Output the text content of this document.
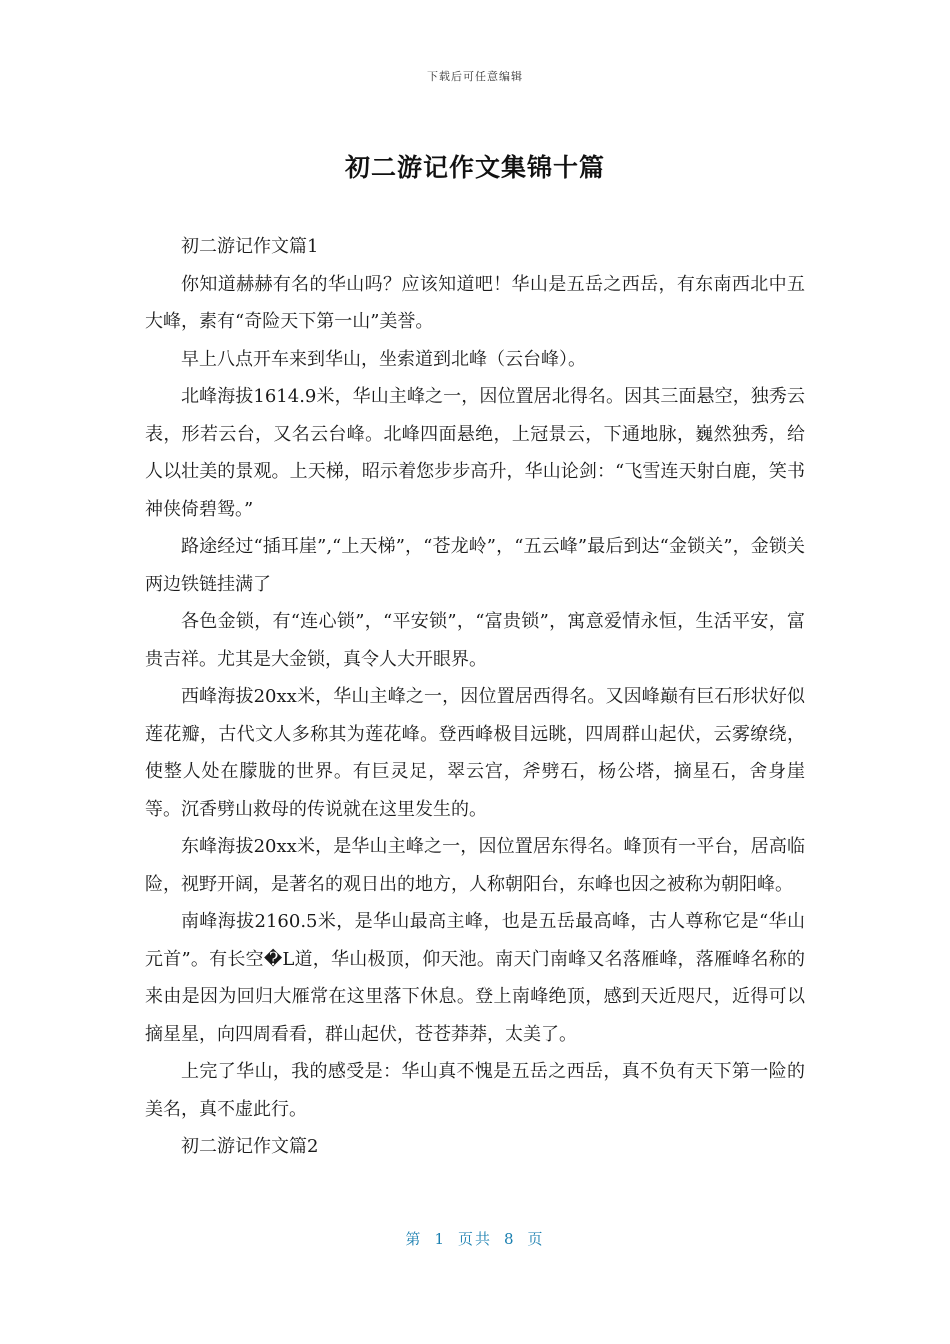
下载后可任意编辑
初二游记作文集锦十篇

初二游记作文篇1

你知道赫赫有名的华山吗？应该知道吧！华山是五岳之西岳，有东南西北中五大峰，素有“奇险天下第一山”美誉。

早上八点开车来到华山，坐索道到北峰（云台峰）。

北峰海拔1614.9米，华山主峰之一，因位置居北得名。因其三面悬空，独秀云表，形若云台，又名云台峰。北峰四面悬绝，上冠景云，下通地脉，巍然独秀，给人以壮美的景观。上天梯，昭示着您步步高升，华山论剑：“飞雪连天射白鹿，笑书神侠倚碧鸳。”

路途经过“插耳崖”,“上天梯”，“苍龙岭”，“五云峰”最后到达“金锁关”，金锁关两边铁链挂满了

各色金锁，有“连心锁”，“平安锁”，“富贵锁”，寓意爱情永恒，生活平安，富贵吉祥。尤其是大金锁，真令人大开眼界。

西峰海拔20xx米，华山主峰之一，因位置居西得名。又因峰巅有巨石形状好似莲花瓣，古代文人多称其为莲花峰。登西峰极目远眺，四周群山起伏，云雾缭绕，使整人处在朦胧的世界。有巨灵足，翠云宫，斧劈石，杨公塔，摘星石，舍身崖等。沉香劈山救母的传说就在这里发生的。

东峰海拔20xx米，是华山主峰之一，因位置居东得名。峰顶有一平台，居高临险，视野开阔，是著名的观日出的地方，人称朝阳台，东峰也因之被称为朝阳峰。

南峰海拔2160.5米，是华山最高主峰，也是五岳最高峰，古人尊称它是“华山元首”。有长空�L道，华山极顶，仰天池。南天门南峰又名落雁峰，落雁峰名称的来由是因为回归大雁常在这里落下休息。登上南峰绝顶，感到天近咫尺，近得可以摘星星，向四周看看，群山起伏，苍苍莽莽，太美了。

上完了华山，我的感受是：华山真不愧是五岳之西岳，真不负有天下第一险的美名，真不虚此行。

初二游记作文篇2

第 1 页共 8 页
